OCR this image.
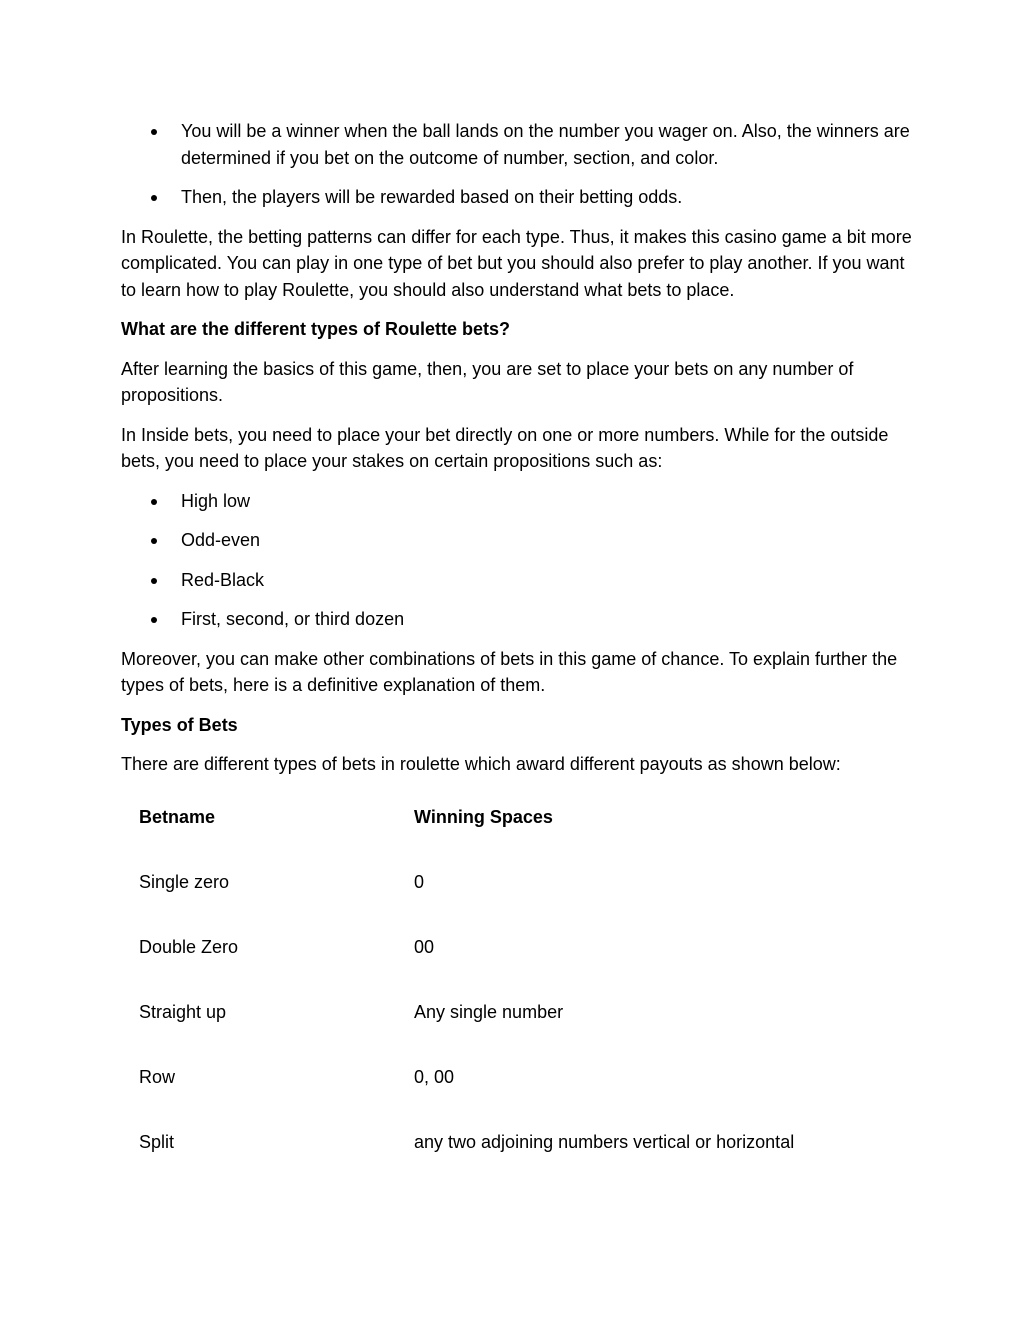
You will be a winner when the ball lands on the number you wager on. Also, the winners are determined if you bet on the outcome of number, section, and color.
Then, the players will be rewarded based on their betting odds.

In Roulette, the betting patterns can differ for each type. Thus, it makes this casino game a bit more complicated. You can play in one type of bet but you should also prefer to play another. If you want to learn how to play Roulette, you should also understand what bets to place.

What are the different types of Roulette bets?

After learning the basics of this game, then, you are set to place your bets on any number of propositions.

In Inside bets, you need to place your bet directly on one or more numbers. While for the outside bets, you need to place your stakes on certain propositions such as:

High low
Odd-even
Red-Black
First, second, or third dozen

Moreover, you can make other combinations of bets in this game of chance. To explain further the types of bets, here is a definitive explanation of them.

Types of Bets

There are different types of bets in roulette which award different payouts as shown below:

Betname	Winning Spaces
Single zero	0
Double Zero	00
Straight up	Any single number
Row	0, 00
Split	any two adjoining numbers vertical or horizontal
